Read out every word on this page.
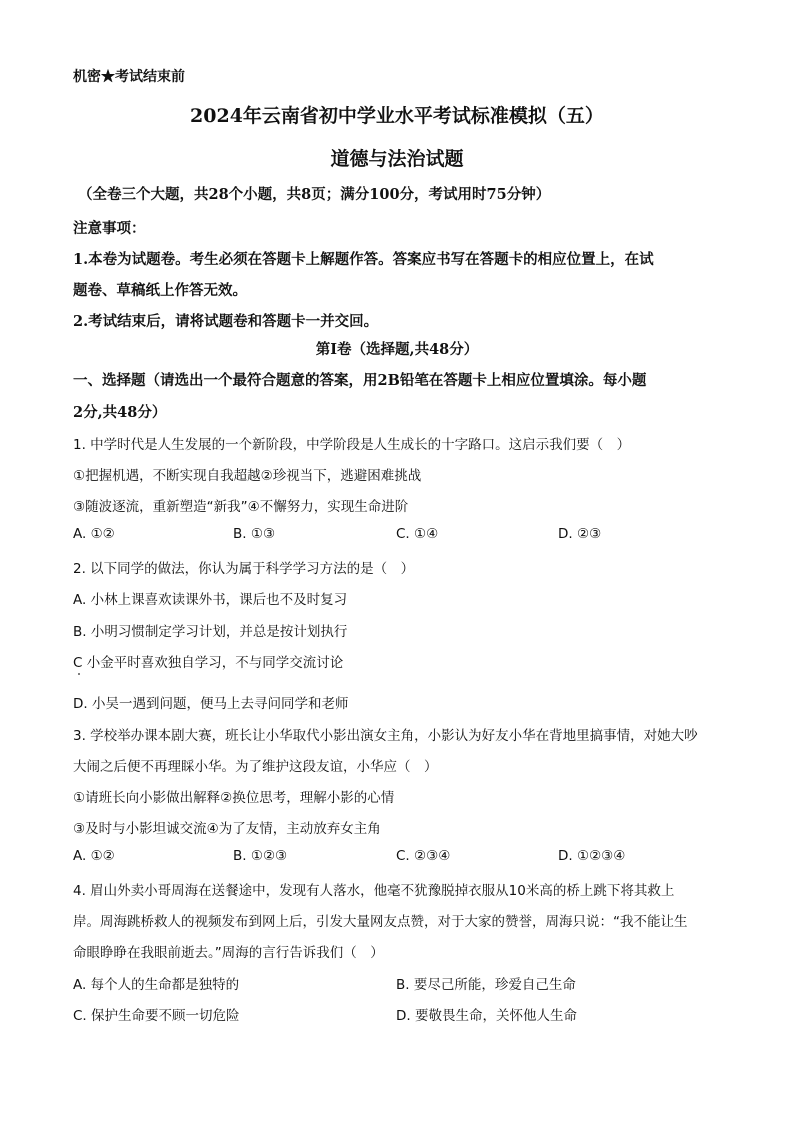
机密★考试结束前
2024年云南省初中学业水平考试标准模拟（五）
道德与法治试题
（全卷三个大题，共28个小题，共8页；满分100分，考试用时75分钟）
注意事项：
1.本卷为试题卷。考生必须在答题卡上解题作答。答案应书写在答题卡的相应位置上，在试
题卷、草稿纸上作答无效。
2.考试结束后，请将试题卷和答题卡一并交回。
第Ⅰ卷（选择题,共48分）
一、选择题（请选出一个最符合题意的答案，用2B铅笔在答题卡上相应位置填涂。每小题
2分,共48分）
1. 中学时代是人生发展的一个新阶段，中学阶段是人生成长的十字路口。这启示我们要（　）
①把握机遇，不断实现自我超越②珍视当下，逃避困难挑战
③随波逐流，重新塑造“新我”④不懈努力，实现生命进阶
A. ①②	B. ①③	C. ①④	D. ②③
2. 以下同学的做法，你认为属于科学学习方法的是（　）
A. 小林上课喜欢读课外书，课后也不及时复习
B. 小明习惯制定学习计划，并总是按计划执行
C 小金平时喜欢独自学习，不与同学交流讨论
D. 小吴一遇到问题，便马上去寻问同学和老师
3. 学校举办课本剧大赛，班长让小华取代小影出演女主角，小影认为好友小华在背地里搞事情，对她大吵
大闹之后便不再理睬小华。为了维护这段友谊，小华应（　）
①请班长向小影做出解释②换位思考，理解小影的心情
③及时与小影坦诚交流④为了友情，主动放弃女主角
A. ①②	B. ①②③	C. ②③④	D. ①②③④
4. 眉山外卖小哥周海在送餐途中，发现有人落水，他毫不犹豫脱掉衣服从10米高的桥上跳下将其救上
岸。周海跳桥救人的视频发布到网上后，引发大量网友点赞，对于大家的赞誉，周海只说：“我不能让生
命眼睁睁在我眼前逝去。”周海的言行告诉我们（　）
A. 每个人的生命都是独特的	B. 要尽己所能，珍爱自己生命
C. 保护生命要不顾一切危险	D. 要敬畏生命，关怀他人生命
